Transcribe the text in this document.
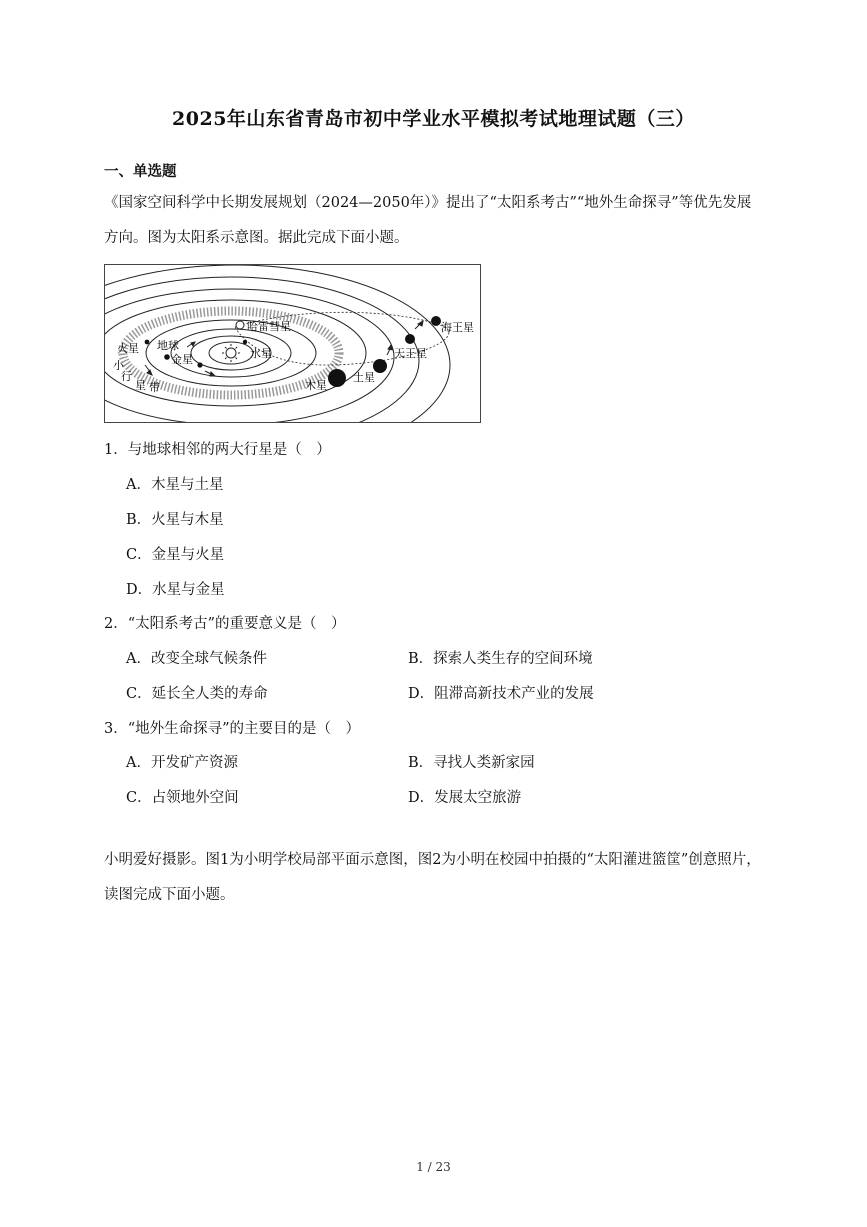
2025年山东省青岛市初中学业水平模拟考试地理试题（三）
一、单选题
《国家空间科学中长期发展规划（2024—2050年）》提出了“太阳系考古”“地外生命探寻”等优先发展方向。图为太阳系示意图。据此完成下面小题。
哈雷彗星
水星
金星
地球
火星
小
行
星 带	木星
土星
天王星
海王星
1．与地球相邻的两大行星是（　）
A．木星与土星
B．火星与木星
C．金星与火星
D．水星与金星
2．“太阳系考古”的重要意义是（　）
A．改变全球气候条件	B．探索人类生存的空间环境
C．延长全人类的寿命	D．阻滞高新技术产业的发展
3．“地外生命探寻”的主要目的是（　）
A．开发矿产资源	B．寻找人类新家园
C．占领地外空间	D．发展太空旅游
小明爱好摄影。图1为小明学校局部平面示意图，图2为小明在校园中拍摄的“太阳灌进篮筐”创意照片，读图完成下面小题。
1 / 23
